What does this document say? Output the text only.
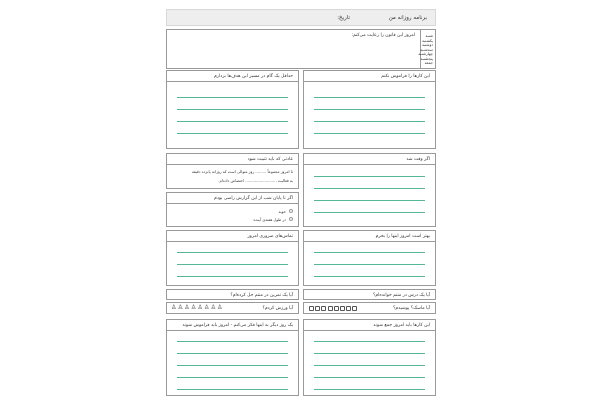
برنامه روزانه من
تاریخ:
امروز این قانون را رعایت می‌کنم:	شنبه
یکشنبه
دوشنبه
سه‌شنبه
چهارشنبه
پنجشنبه
جمعه
این کارها را فراموش نکنم
حداقل یک گام در مسیر این هدف‌ها بردارم
اگر وقت شد
عادتی که باید تثبیت شود
تا امروز مجموعاً ......... روز متوالی است که روزانه پانزده دقیقه
به فعالیت .......................... اختصاص داده‌ام.
اگر تا پایان شب از این گزارش راضی بودم
خوبه
در طول هفته‌ی آینده:
بهتر است امروز اینها را بخرم
تماس‌های ضروری امروز
آیا یک درس در منتم خوانده‌ام؟
آیا یک تمرین در منتم حل کرده‌ام؟
آیا ماسک؟ پوشیدم؟
آیا ورزش کردم؟
♙ ♙ ♙ ♙ ♙ ♙ ♙ ♙
این کارها باید امروز جمع شوند
یک روز دیگر به اینها فکر می‌کنم - امروز باید فراموش شوند
